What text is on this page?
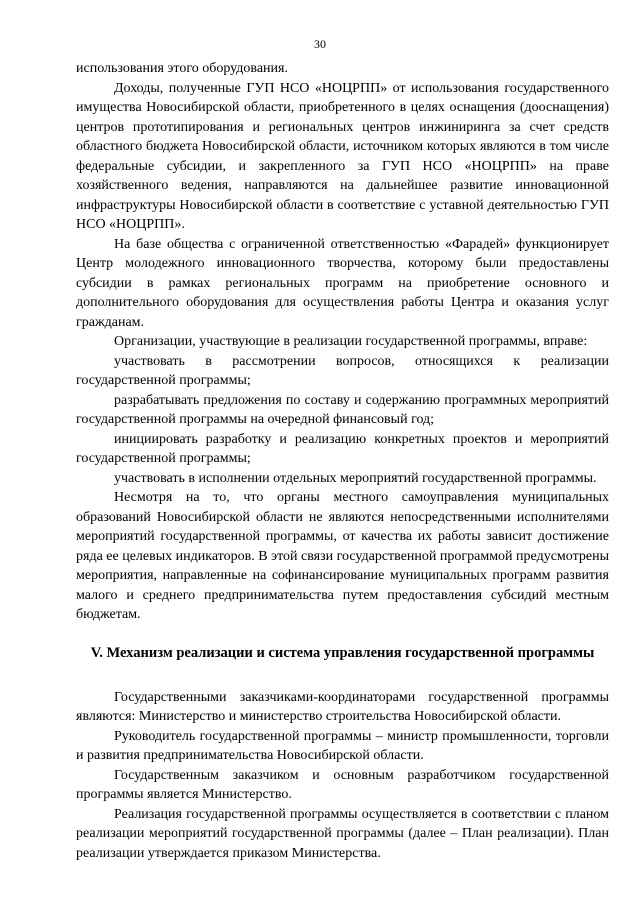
30

использования этого оборудования.

Доходы, полученные ГУП НСО «НОЦРПП» от использования государственного имущества Новосибирской области, приобретенного в целях оснащения (дооснащения) центров прототипирования и региональных центров инжиниринга за счет средств областного бюджета Новосибирской области, источником которых являются в том числе федеральные субсидии, и закрепленного за ГУП НСО «НОЦРПП» на праве хозяйственного ведения, направляются на дальнейшее развитие инновационной инфраструктуры Новосибирской области в соответствие с уставной деятельностью ГУП НСО «НОЦРПП».

На базе общества с ограниченной ответственностью «Фарадей» функционирует Центр молодежного инновационного творчества, которому были предоставлены субсидии в рамках региональных программ на приобретение основного и дополнительного оборудования для осуществления работы Центра и оказания услуг гражданам.

Организации, участвующие в реализации государственной программы, вправе:

участвовать в рассмотрении вопросов, относящихся к реализации государственной программы;

разрабатывать предложения по составу и содержанию программных мероприятий государственной программы на очередной финансовый год;

инициировать разработку и реализацию конкретных проектов и мероприятий государственной программы;

участвовать в исполнении отдельных мероприятий государственной программы.

Несмотря на то, что органы местного самоуправления муниципальных образований Новосибирской области не являются непосредственными исполнителями мероприятий государственной программы, от качества их работы зависит достижение ряда ее целевых индикаторов. В этой связи государственной программой предусмотрены мероприятия, направленные на софинансирование муниципальных программ развития малого и среднего предпринимательства путем предоставления субсидий местным бюджетам.

V. Механизм реализации и система управления государственной программы

Государственными заказчиками-координаторами государственной программы являются: Министерство и министерство строительства Новосибирской области.

Руководитель государственной программы – министр промышленности, торговли и развития предпринимательства Новосибирской области.

Государственным заказчиком и основным разработчиком государственной программы является Министерство.

Реализация государственной программы осуществляется в соответствии с планом реализации мероприятий государственной программы (далее – План реализации). План реализации утверждается приказом Министерства.
